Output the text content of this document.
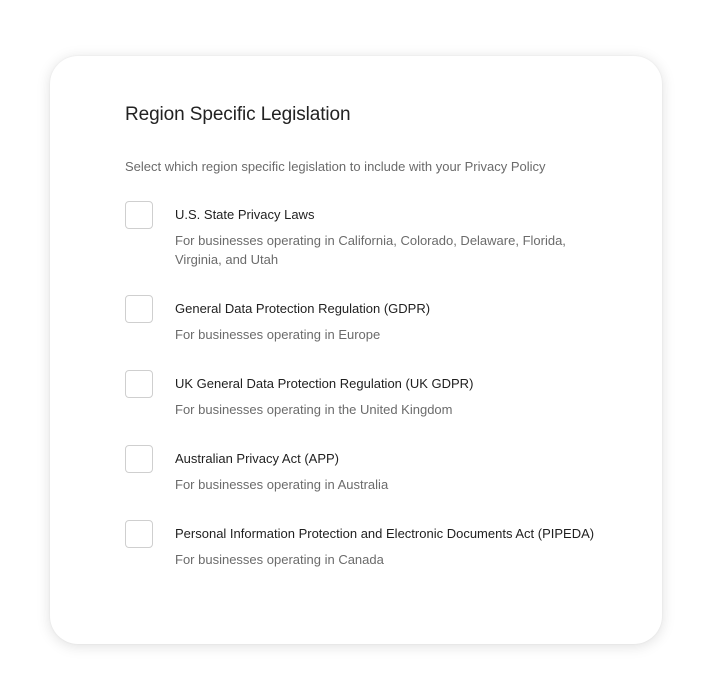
Region Specific Legislation

Select which region specific legislation to include with your Privacy Policy

U.S. State Privacy Laws
For businesses operating in California, Colorado, Delaware, Florida, Virginia, and Utah
General Data Protection Regulation (GDPR)
For businesses operating in Europe
UK General Data Protection Regulation (UK GDPR)
For businesses operating in the United Kingdom
Australian Privacy Act (APP)
For businesses operating in Australia
Personal Information Protection and Electronic Documents Act (PIPEDA)
For businesses operating in Canada
